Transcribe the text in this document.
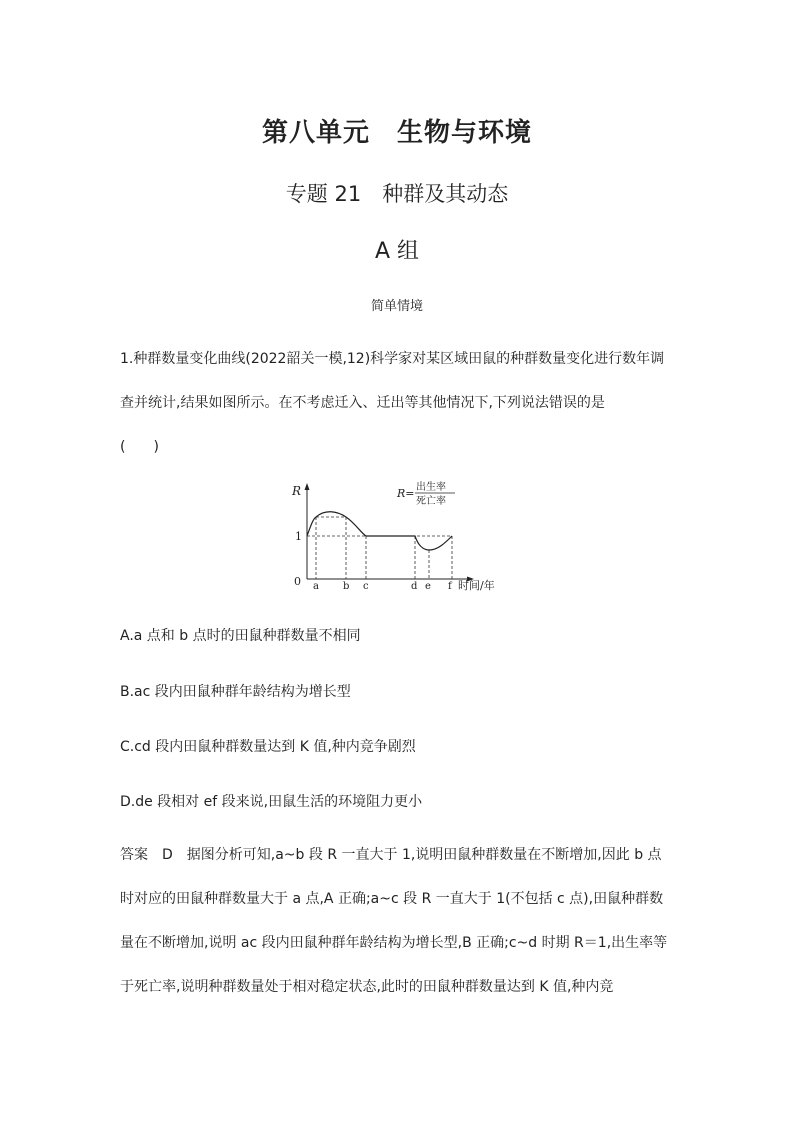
第八单元　生物与环境
专题 21　种群及其动态
A 组
简单情境

1.种群数量变化曲线(2022韶关一模,12)科学家对某区域田鼠的种群数量变化进行数年调查并统计,结果如图所示。在不考虑迁入、迁出等其他情况下,下列说法错误的是
(　　)

R
0
1
时间/年
a b c	d e f
R= 出生率
死亡率
A.a 点和 b 点时的田鼠种群数量不相同
B.ac 段内田鼠种群年龄结构为增长型
C.cd 段内田鼠种群数量达到 K 值,种内竞争剧烈
D.de 段相对 ef 段来说,田鼠生活的环境阻力更小

答案　D　据图分析可知,a~b 段 R 一直大于 1,说明田鼠种群数量在不断增加,因此 b 点时对应的田鼠种群数量大于 a 点,A 正确;a~c 段 R 一直大于 1(不包括 c 点),田鼠种群数量在不断增加,说明 ac 段内田鼠种群年龄结构为增长型,B 正确;c~d 时期 R＝1,出生率等于死亡率,说明种群数量处于相对稳定状态,此时的田鼠种群数量达到 K 值,种内竞
